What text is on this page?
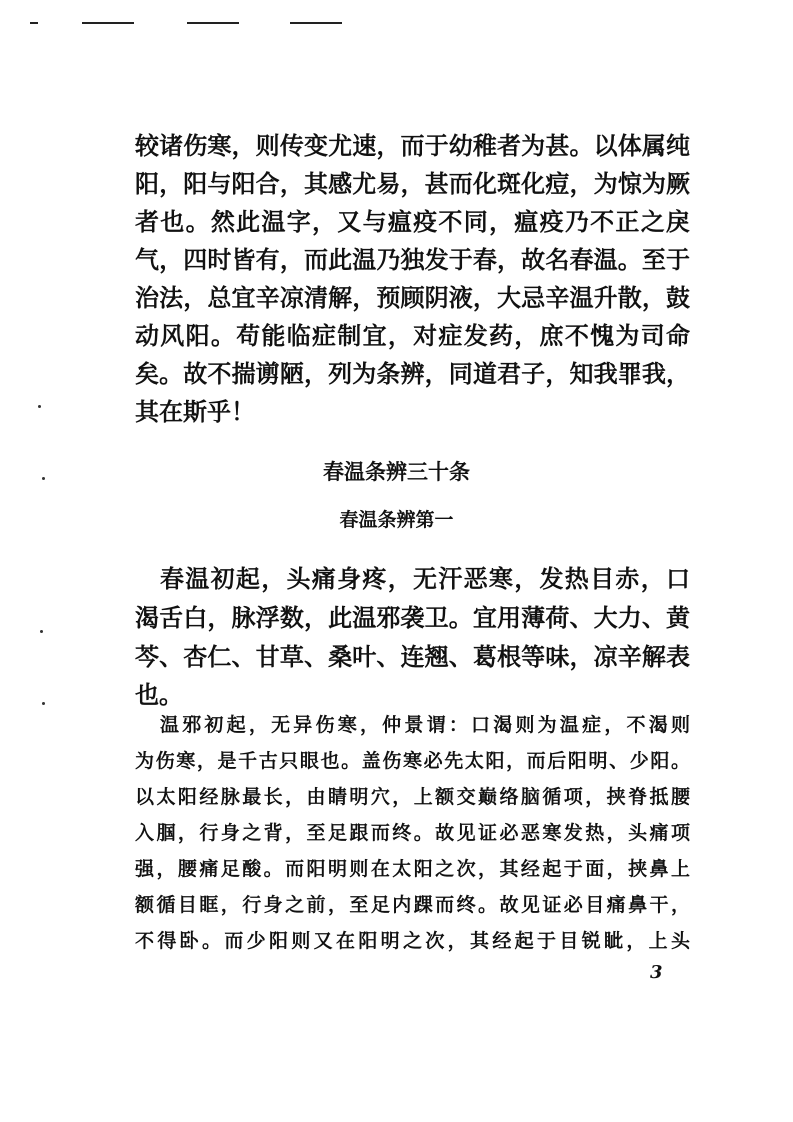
较诸伤寒，则传变尤速，而于幼稚者为甚。以体属纯
阳，阳与阳合，其感尤易，甚而化斑化痘，为惊为厥
者也。然此温字，又与瘟疫不同，瘟疫乃不正之戾
气，四时皆有，而此温乃独发于春，故名春温。至于
治法，总宜辛凉清解，预顾阴液，大忌辛温升散，鼓
动风阳。苟能临症制宜，对症发药，庶不愧为司命
矣。故不揣谫陋，列为条辨，同道君子，知我罪我，
其在斯乎！
春温条辨三十条
春温条辨第一
春温初起，头痛身疼，无汗恶寒，发热目赤，口
渴舌白，脉浮数，此温邪袭卫。宜用薄荷、大力、黄
芩、杏仁、甘草、桑叶、连翘、葛根等味，凉辛解表
也。
温邪初起，无异伤寒，仲景谓：口渴则为温症，不渴则
为伤寒，是千古只眼也。盖伤寒必先太阳，而后阳明、少阳。
以太阳经脉最长，由睛明穴，上额交巅络脑循项，挟脊抵腰
入腘，行身之背，至足跟而终。故见证必恶寒发热，头痛项
强，腰痛足酸。而阳明则在太阳之次，其经起于面，挟鼻上
额循目眶，行身之前，至足内踝而终。故见证必目痛鼻干，
不得卧。而少阳则又在阳明之次，其经起于目锐眦，上头
3
